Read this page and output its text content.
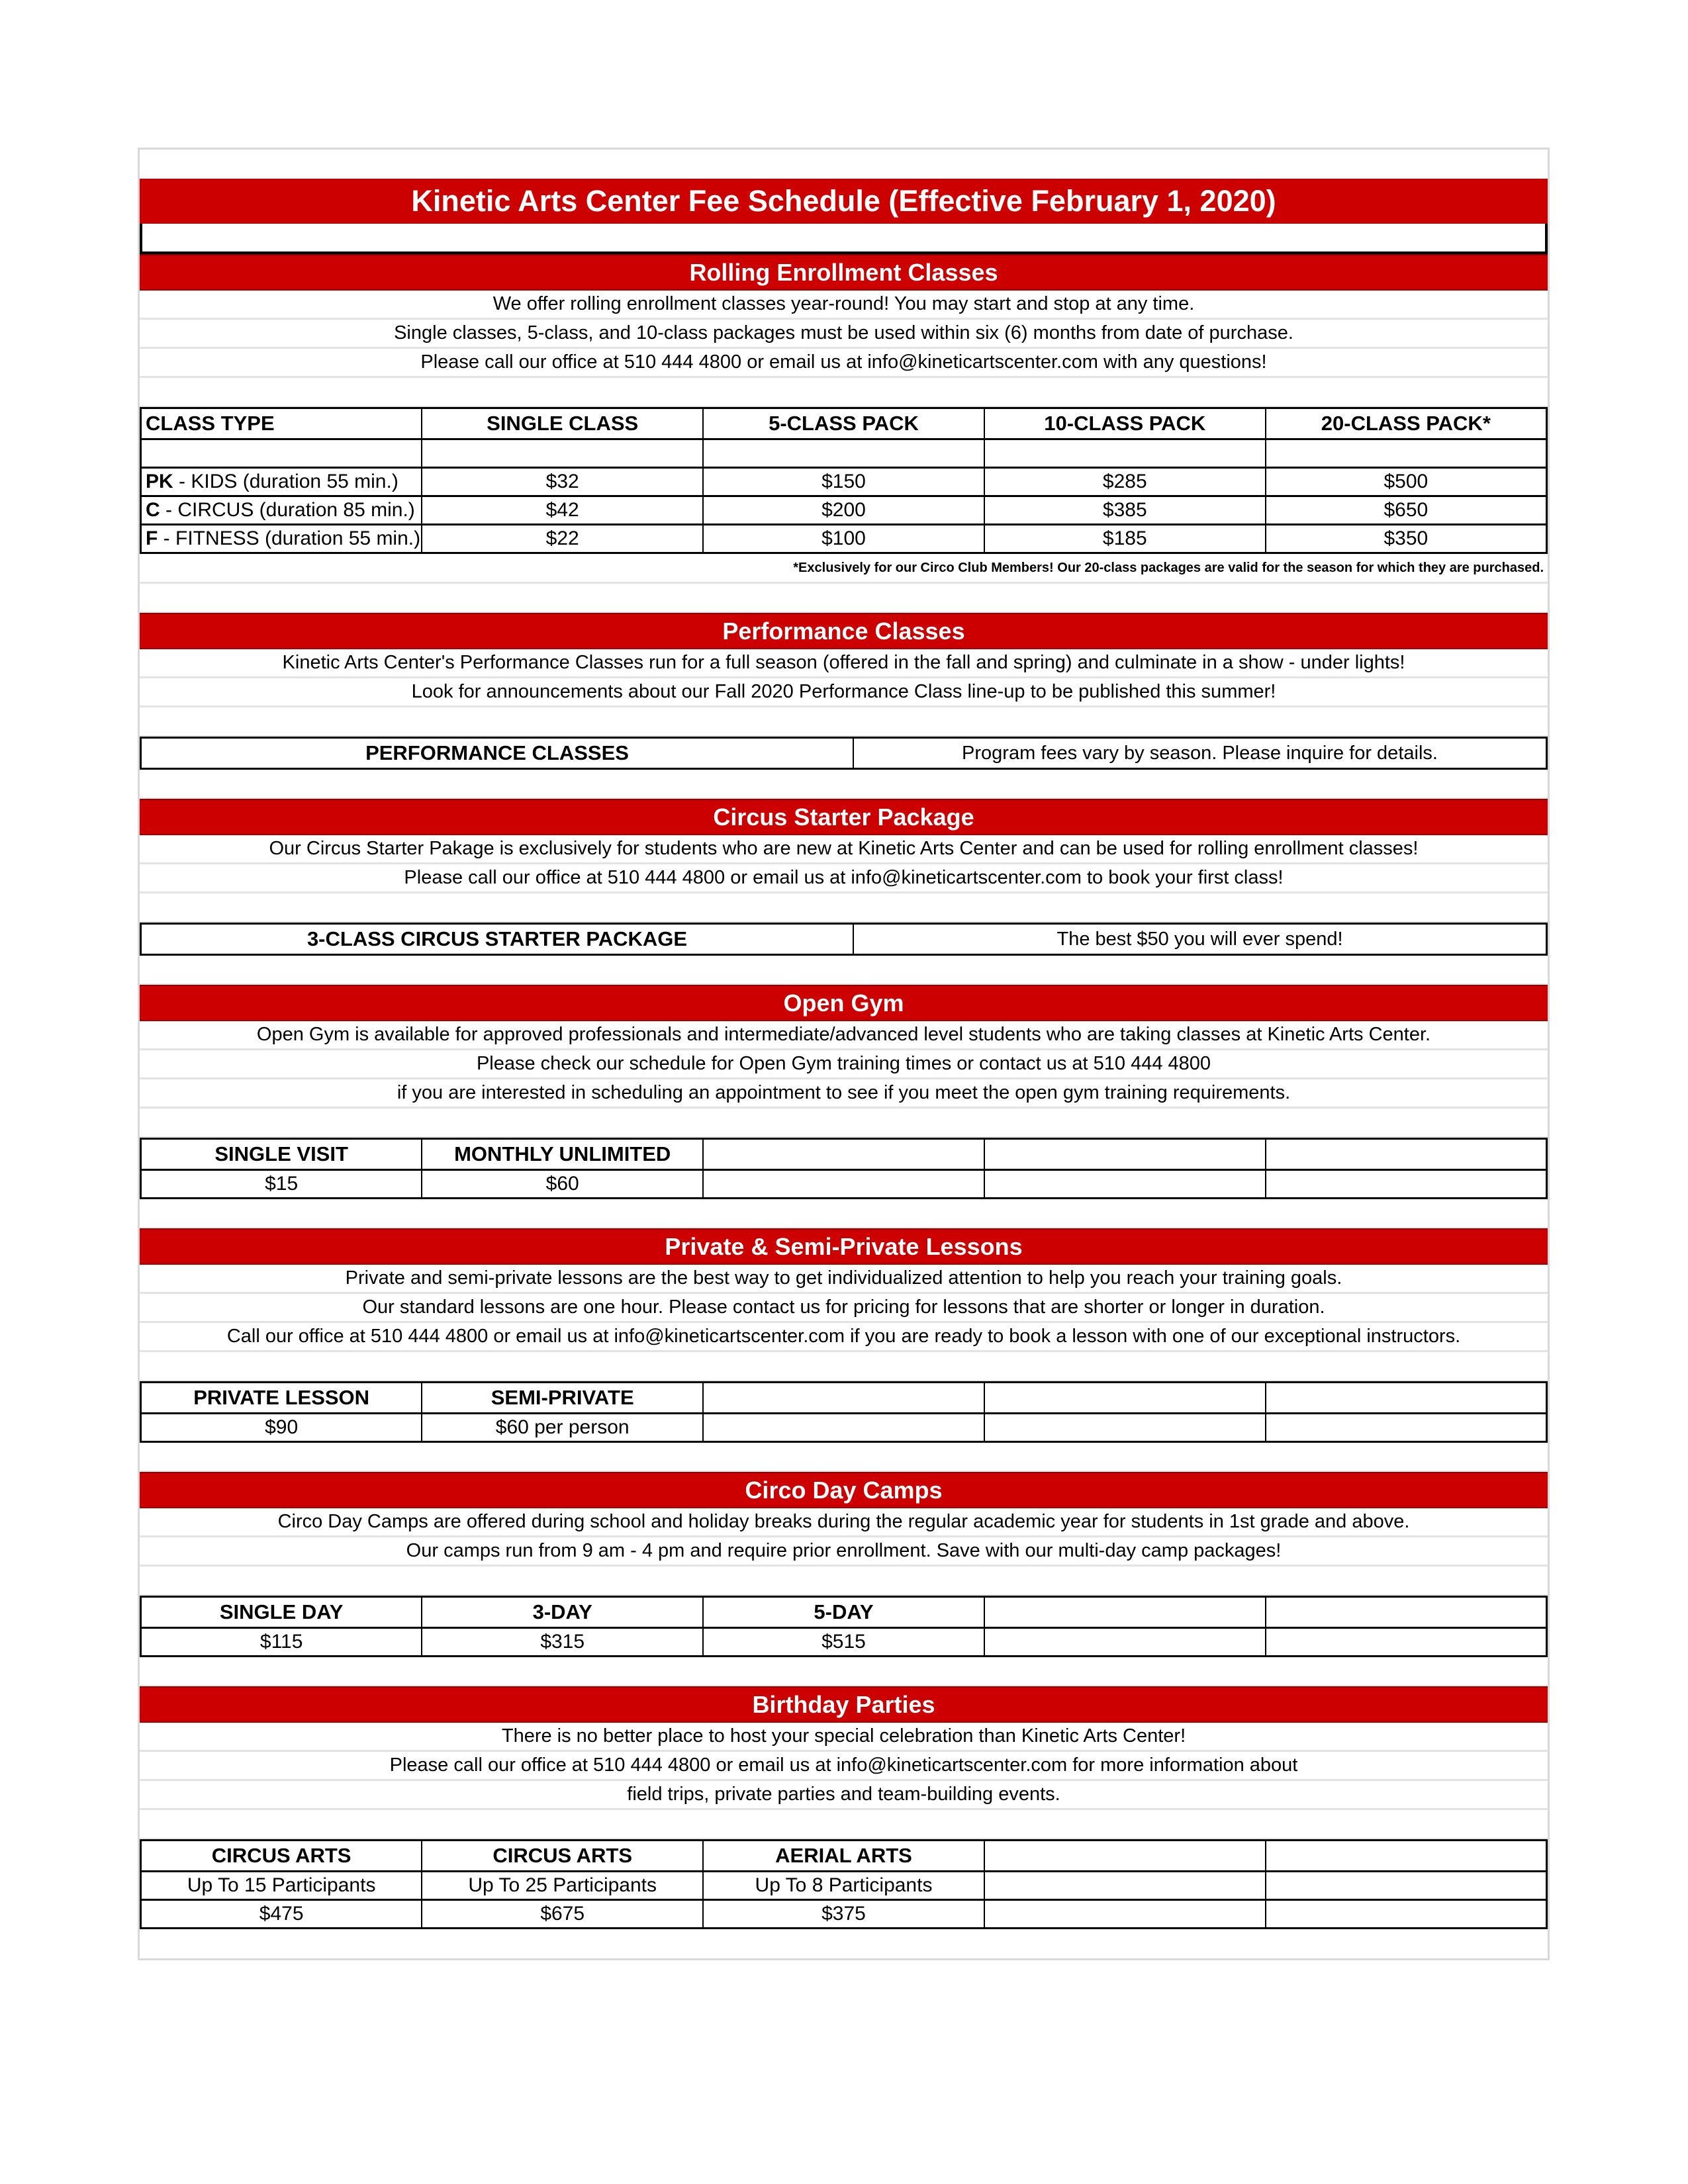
Kinetic Arts Center Fee Schedule (Effective February 1, 2020)
Rolling Enrollment Classes
We offer rolling enrollment classes year-round! You may start and stop at any time.
Single classes, 5-class, and 10-class packages must be used within six (6) months from date of purchase.
Please call our office at 510 444 4800 or email us at info@kineticartscenter.com with any questions!
CLASS TYPE	SINGLE CLASS	5-CLASS PACK	10-CLASS PACK	20-CLASS PACK*

PK - KIDS (duration 55 min.)	$32	$150	$285	$500
C - CIRCUS (duration 85 min.)	$42	$200	$385	$650
F - FITNESS (duration 55 min.)	$22	$100	$185	$350
*Exclusively for our Circo Club Members! Our 20-class packages are valid for the season for which they are purchased.
Performance Classes
Kinetic Arts Center's Performance Classes run for a full season (offered in the fall and spring) and culminate in a show - under lights!
Look for announcements about our Fall 2020 Performance Class line-up to be published this summer!
PERFORMANCE CLASSES	Program fees vary by season. Please inquire for details.
Circus Starter Package
Our Circus Starter Pakage is exclusively for students who are new at Kinetic Arts Center and can be used for rolling enrollment classes!
Please call our office at 510 444 4800 or email us at info@kineticartscenter.com to book your first class!
3-CLASS CIRCUS STARTER PACKAGE	The best $50 you will ever spend!
Open Gym
Open Gym is available for approved professionals and intermediate/advanced level students who are taking classes at Kinetic Arts Center.
Please check our schedule for Open Gym training times or contact us at 510 444 4800
if you are interested in scheduling an appointment to see if you meet the open gym training requirements.
SINGLE VISIT	MONTHLY UNLIMITED			
$15	$60			
Private & Semi-Private Lessons
Private and semi-private lessons are the best way to get individualized attention to help you reach your training goals.
Our standard lessons are one hour. Please contact us for pricing for lessons that are shorter or longer in duration.
Call our office at 510 444 4800 or email us at info@kineticartscenter.com if you are ready to book a lesson with one of our exceptional instructors.
PRIVATE LESSON	SEMI-PRIVATE			
$90	$60 per person			
Circo Day Camps
Circo Day Camps are offered during school and holiday breaks during the regular academic year for students in 1st grade and above.
Our camps run from 9 am - 4 pm and require prior enrollment. Save with our multi-day camp packages!
SINGLE DAY	3-DAY	5-DAY		
$115	$315	$515		
Birthday Parties
There is no better place to host your special celebration than Kinetic Arts Center!
Please call our office at 510 444 4800 or email us at info@kineticartscenter.com for more information about
field trips, private parties and team-building events.
CIRCUS ARTS	CIRCUS ARTS	AERIAL ARTS		
Up To 15 Participants	Up To 25 Participants	Up To 8 Participants		
$475	$675	$375		
